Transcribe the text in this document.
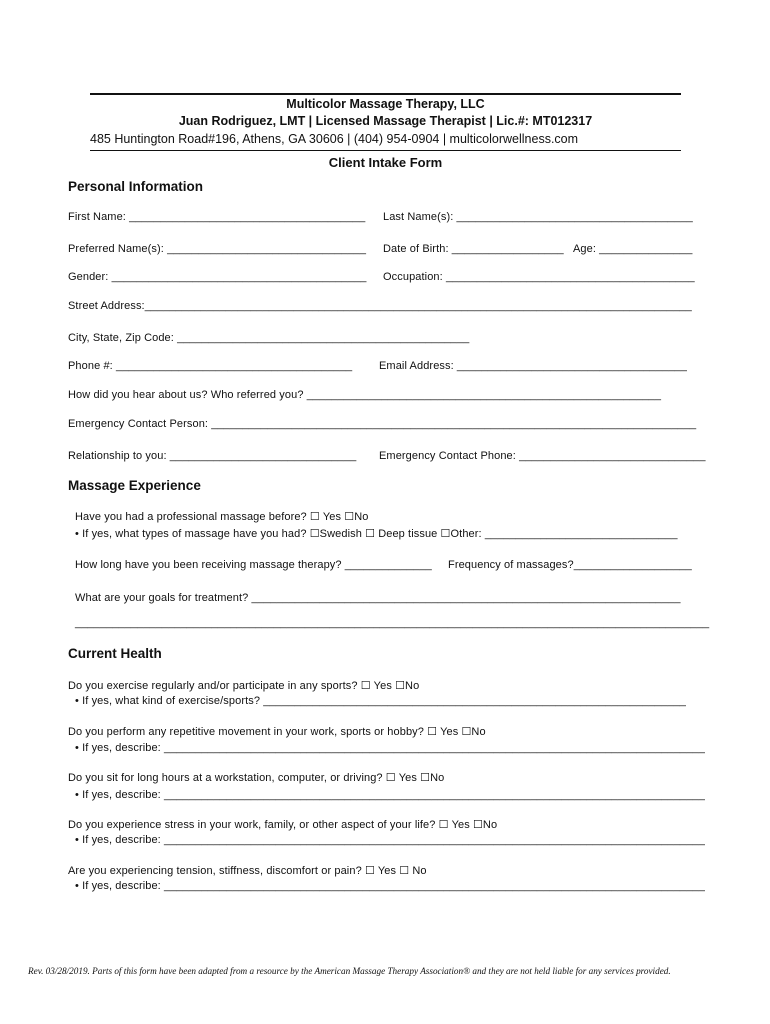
Multicolor Massage Therapy, LLC
Juan Rodriguez, LMT | Licensed Massage Therapist | Lic.#: MT012317
485 Huntington Road#196, Athens, GA 30606 | (404) 954-0904 | multicolorwellness.com
Client Intake Form
Personal Information
First Name: ______________________________________ Last Name(s): ______________________________________
Preferred Name(s): ________________________________ Date of Birth: __________________ Age: _______________
Gender: _________________________________________ Occupation: ________________________________________
Street Address:________________________________________________________________________________________
City, State, Zip Code: _______________________________________________
Phone #: ______________________________________ Email Address: _____________________________________
How did you hear about us? Who referred you? _________________________________________________________
Emergency Contact Person: ______________________________________________________________________________
Relationship to you: ______________________________ Emergency Contact Phone: ______________________________
Massage Experience
Have you had a professional massage before? ☐ Yes ☐No
• If yes, what types of massage have you had? ☐Swedish ☐ Deep tissue ☐Other: _______________________________
How long have you been receiving massage therapy? ______________ Frequency of massages?___________________
What are your goals for treatment? _____________________________________________________________________
______________________________________________________________________________________________________
Current Health
Do you exercise regularly and/or participate in any sports? ☐ Yes ☐No
• If yes, what kind of exercise/sports? ____________________________________________________________________
Do you perform any repetitive movement in your work, sports or hobby? ☐ Yes ☐No
• If yes, describe: _______________________________________________________________________________________
Do you sit for long hours at a workstation, computer, or driving? ☐ Yes ☐No
• If yes, describe: _______________________________________________________________________________________
Do you experience stress in your work, family, or other aspect of your life? ☐ Yes ☐No
• If yes, describe: _______________________________________________________________________________________
Are you experiencing tension, stiffness, discomfort or pain? ☐ Yes ☐ No
• If yes, describe: _______________________________________________________________________________________
Rev. 03/28/2019. Parts of this form have been adapted from a resource by the American Massage Therapy Association® and they are not held liable for any services provided.
